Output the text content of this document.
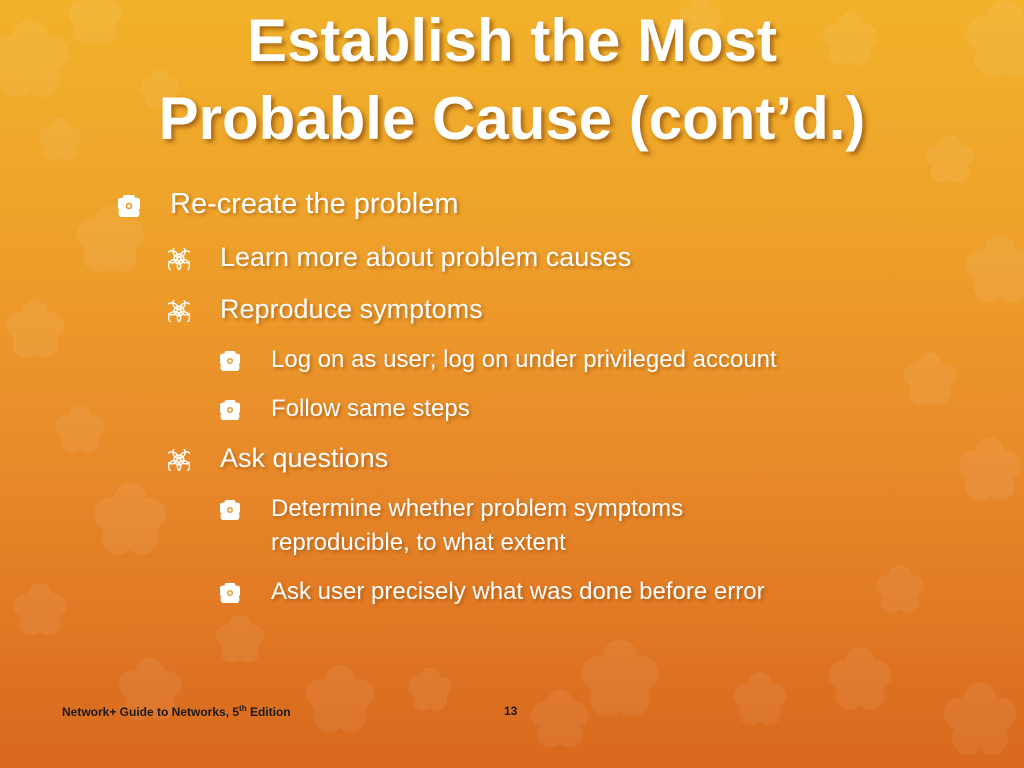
Establish the Most
Probable Cause (cont’d.)
Re-create the problem
Learn more about problem causes
Reproduce symptoms
Log on as user; log on under privileged account
Follow same steps
Ask questions
Determine whether problem symptoms
reproducible, to what extent
Ask user precisely what was done before error
Network+ Guide to Networks, 5th Edition	13
